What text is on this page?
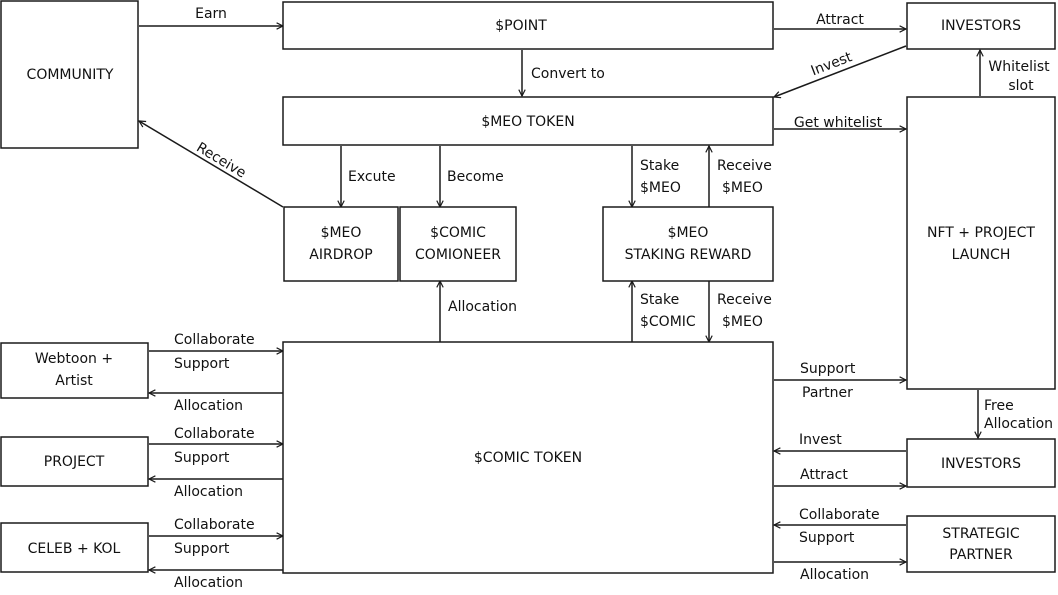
COMMUNITY
$POINT	INVESTORS
$MEO TOKEN
$MEO
AIRDROP
$COMIC
COMIONEER
$MEO
STAKING REWARD
NFT + PROJECT
LAUNCH
Webtoon +
Artist
PROJECT
CELEB + KOL
$COMIC TOKEN	INVESTORS
STRATEGIC
PARTNER
Earn	Attract
Convert to	Invest	Whitelist
slot
Get whitelist
Receive	Excute	Become
Stake
$MEO
Receive
$MEO
Allocation	Stake
$COMIC
Receive
$MEO
Collaborate
Support
Allocation
Collaborate
Support
Allocation
Collaborate
Support
Allocation
Support
Partner
Free
Allocation
Invest
Attract
Collaborate
Support
Allocation
